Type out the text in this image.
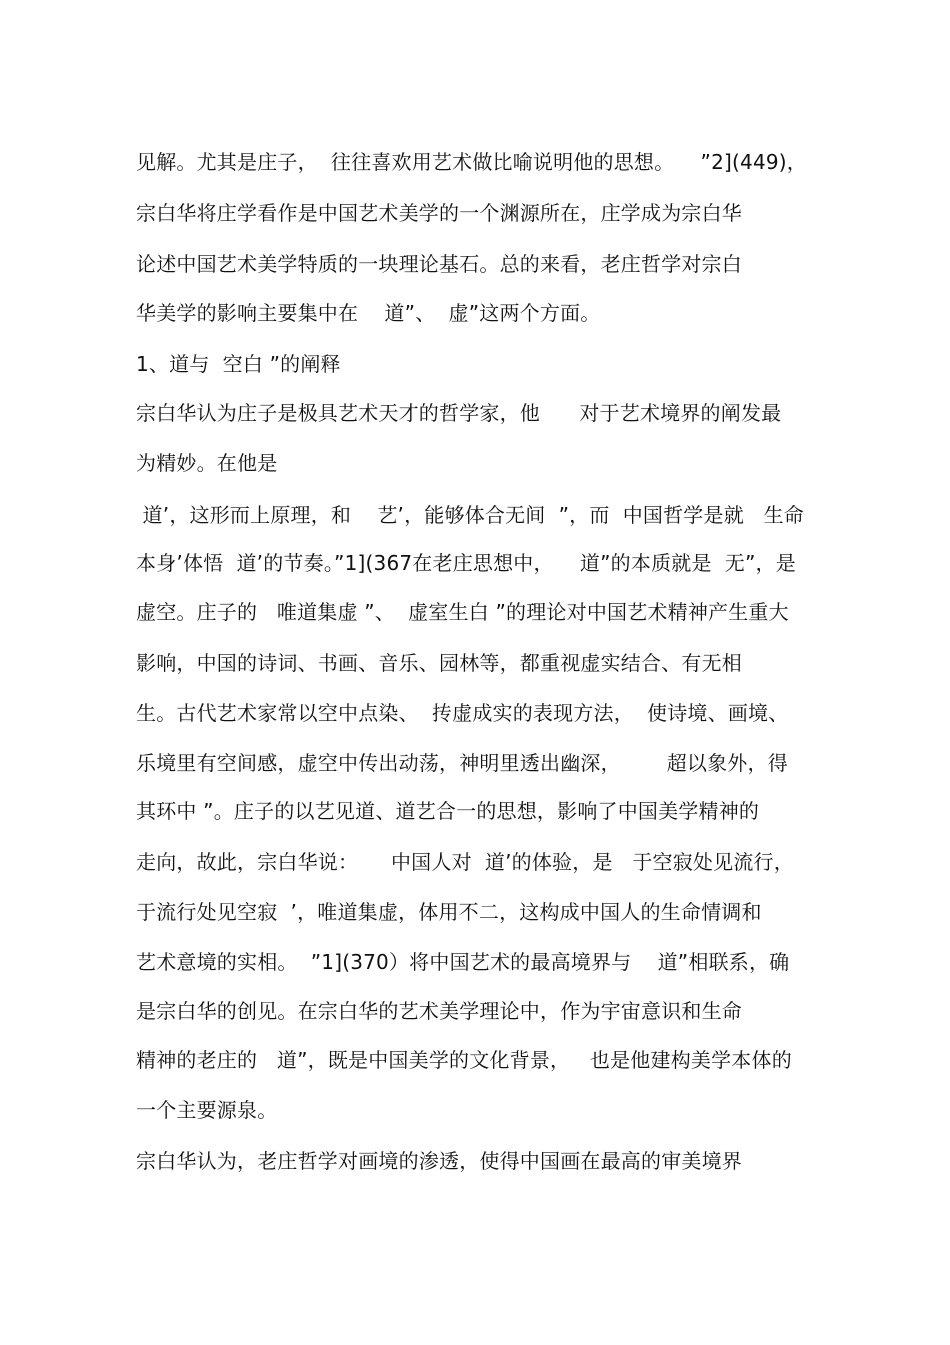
见解。尤其是庄子，  往往喜欢用艺术做比喻说明他的思想。    ”2](449)，
宗白华将庄学看作是中国艺术美学的一个渊源所在，庄学成为宗白华
论述中国艺术美学特质的一块理论基石。总的来看，老庄哲学对宗白
华美学的影响主要集中在    道”、  虚”这两个方面。
1、道与  空白 ”的阐释
宗白华认为庄子是极具艺术天才的哲学家，他      对于艺术境界的阐发最
为精妙。在他是
道’，这形而上原理，和    艺’，能够体合无间  ”，而  中国哲学是就   生命
本身’体悟  道’的节奏。”1](367在老庄思想中，    道”的本质就是  无”，是
虚空。庄子的   唯道集虚 ”、  虚室生白 ”的理论对中国艺术精神产生重大
影响，中国的诗词、书画、音乐、园林等，都重视虚实结合、有无相
生。古代艺术家常以空中点染、  抟虚成实的表现方法，  使诗境、画境、
乐境里有空间感，虚空中传出动荡，神明里透出幽深，       超以象外，得
其环中 ”。庄子的以艺见道、道艺合一的思想，影响了中国美学精神的
走向，故此，宗白华说：     中国人对  道’的体验，是   于空寂处见流行，
于流行处见空寂  ’，唯道集虚，体用不二，这构成中国人的生命情调和
艺术意境的实相。  ”1](370）将中国艺术的最高境界与    道”相联系，确
是宗白华的创见。在宗白华的艺术美学理论中，作为宇宙意识和生命
精神的老庄的   道”，既是中国美学的文化背景，   也是他建构美学本体的
一个主要源泉。
宗白华认为，老庄哲学对画境的渗透，使得中国画在最高的审美境界
